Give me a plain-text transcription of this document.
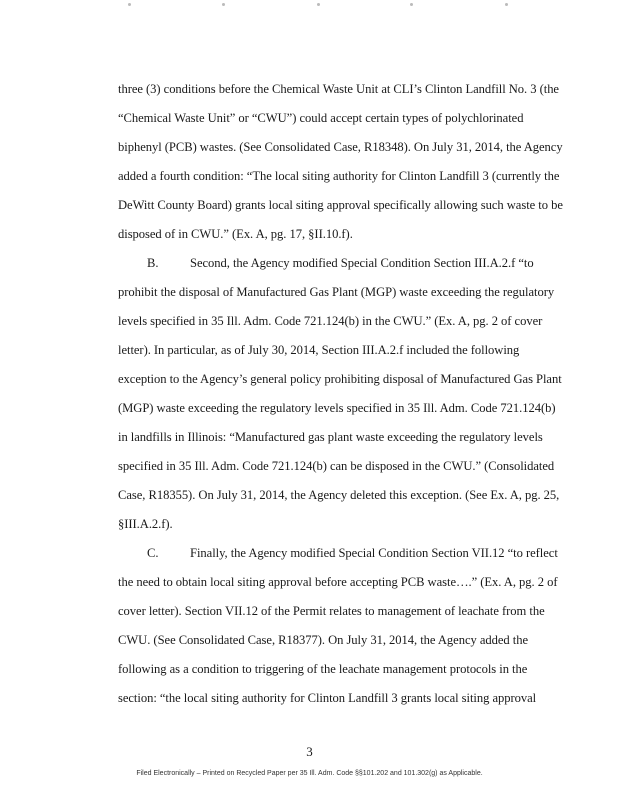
three (3) conditions before the Chemical Waste Unit at CLI’s Clinton Landfill No. 3 (the
“Chemical Waste Unit” or “CWU”) could accept certain types of polychlorinated
biphenyl (PCB) wastes. (See Consolidated Case, R18348). On July 31, 2014, the Agency
added a fourth condition: “The local siting authority for Clinton Landfill 3 (currently the
DeWitt County Board) grants local siting approval specifically allowing such waste to be
disposed of in CWU.” (Ex. A, pg. 17, §II.10.f).
B. Second, the Agency modified Special Condition Section III.A.2.f “to
prohibit the disposal of Manufactured Gas Plant (MGP) waste exceeding the regulatory
levels specified in 35 Ill. Adm. Code 721.124(b) in the CWU.” (Ex. A, pg. 2 of cover
letter). In particular, as of July 30, 2014, Section III.A.2.f included the following
exception to the Agency’s general policy prohibiting disposal of Manufactured Gas Plant
(MGP) waste exceeding the regulatory levels specified in 35 Ill. Adm. Code 721.124(b)
in landfills in Illinois: “Manufactured gas plant waste exceeding the regulatory levels
specified in 35 Ill. Adm. Code 721.124(b) can be disposed in the CWU.” (Consolidated
Case, R18355). On July 31, 2014, the Agency deleted this exception. (See Ex. A, pg. 25,
§III.A.2.f).
C. Finally, the Agency modified Special Condition Section VII.12 “to reflect
the need to obtain local siting approval before accepting PCB waste….” (Ex. A, pg. 2 of
cover letter). Section VII.12 of the Permit relates to management of leachate from the
CWU. (See Consolidated Case, R18377). On July 31, 2014, the Agency added the
following as a condition to triggering of the leachate management protocols in the
section: “the local siting authority for Clinton Landfill 3 grants local siting approval
3
Filed Electronically – Printed on Recycled Paper per 35 Ill. Adm. Code §§101.202 and 101.302(g) as Applicable.
